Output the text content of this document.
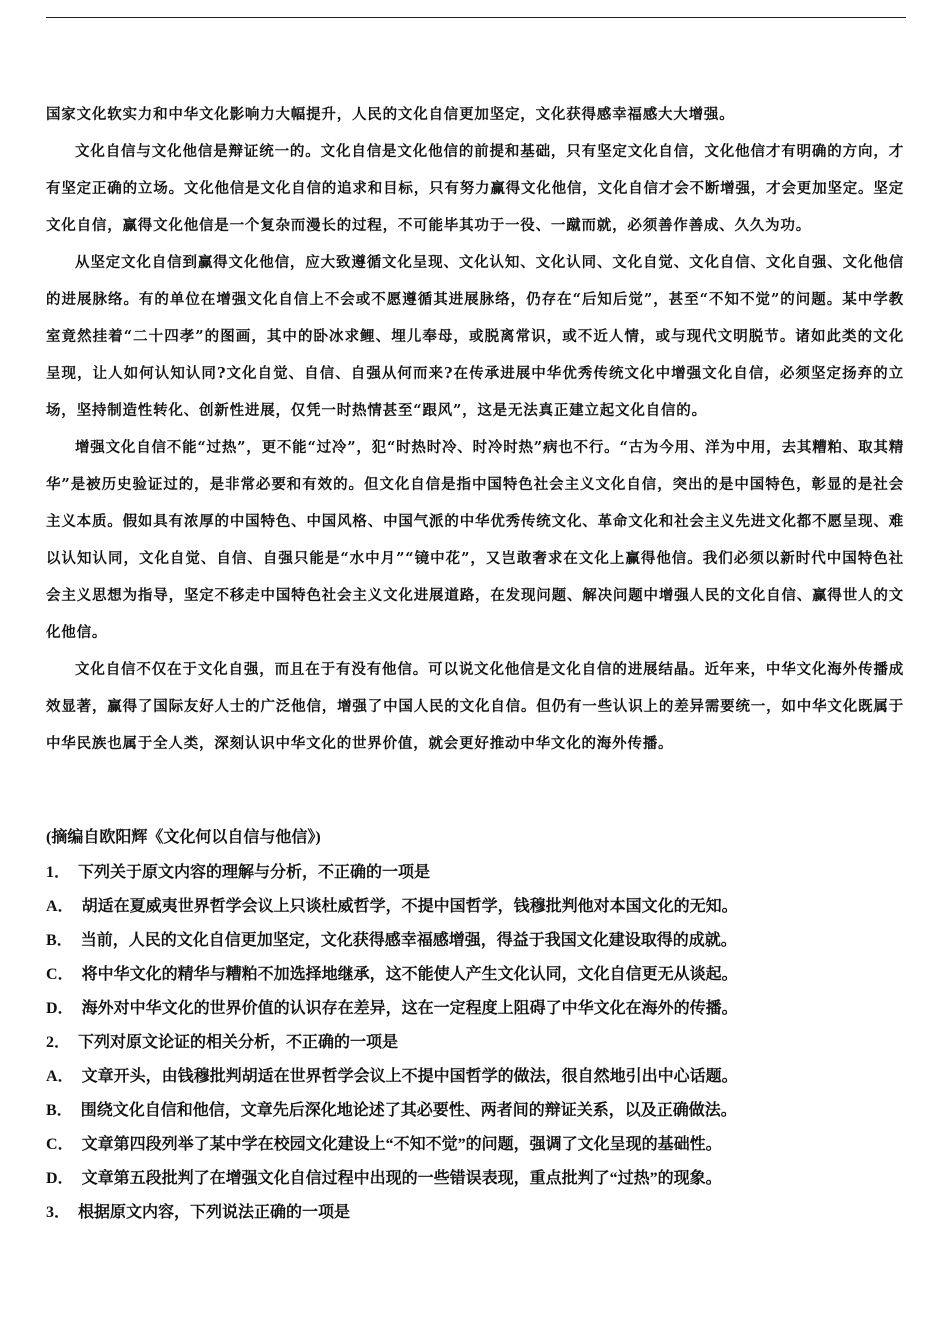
国家文化软实力和中华文化影响力大幅提升，人民的文化自信更加坚定，文化获得感幸福感大大增强。

文化自信与文化他信是辩证统一的。文化自信是文化他信的前提和基础，只有坚定文化自信，文化他信才有明确的方向，才有坚定正确的立场。文化他信是文化自信的追求和目标，只有努力赢得文化他信，文化自信才会不断增强，才会更加坚定。坚定文化自信，赢得文化他信是一个复杂而漫长的过程，不可能毕其功于一役、一蹴而就，必须善作善成、久久为功。

从坚定文化自信到赢得文化他信，应大致遵循文化呈现、文化认知、文化认同、文化自觉、文化自信、文化自强、文化他信的进展脉络。有的单位在增强文化自信上不会或不愿遵循其进展脉络，仍存在“后知后觉”，甚至“不知不觉”的问题。某中学教室竟然挂着“二十四孝”的图画，其中的卧冰求鲤、埋儿奉母，或脱离常识，或不近人情，或与现代文明脱节。诸如此类的文化呈现，让人如何认知认同?文化自觉、自信、自强从何而来?在传承进展中华优秀传统文化中增强文化自信，必须坚定扬弃的立场，坚持制造性转化、创新性进展，仅凭一时热情甚至“跟风”，这是无法真正建立起文化自信的。

增强文化自信不能“过热”，更不能“过冷”，犯“时热时冷、时冷时热”病也不行。“古为今用、洋为中用，去其糟粕、取其精华”是被历史验证过的，是非常必要和有效的。但文化自信是指中国特色社会主义文化自信，突出的是中国特色，彰显的是社会主义本质。假如具有浓厚的中国特色、中国风格、中国气派的中华优秀传统文化、革命文化和社会主义先进文化都不愿呈现、难以认知认同，文化自觉、自信、自强只能是“水中月”“镜中花”，又岂敢奢求在文化上赢得他信。我们必须以新时代中国特色社会主义思想为指导，坚定不移走中国特色社会主义文化进展道路，在发现问题、解决问题中增强人民的文化自信、赢得世人的文化他信。

文化自信不仅在于文化自强，而且在于有没有他信。可以说文化他信是文化自信的进展结晶。近年来，中华文化海外传播成效显著，赢得了国际友好人士的广泛他信，增强了中国人民的文化自信。但仍有一些认识上的差异需要统一，如中华文化既属于中华民族也属于全人类，深刻认识中华文化的世界价值，就会更好推动中华文化的海外传播。

(摘编自欧阳辉《文化何以自信与他信》)
1． 下列关于原文内容的理解与分析，不正确的一项是
A． 胡适在夏威夷世界哲学会议上只谈杜威哲学，不提中国哲学，钱穆批判他对本国文化的无知。
B． 当前，人民的文化自信更加坚定，文化获得感幸福感增强，得益于我国文化建设取得的成就。
C． 将中华文化的精华与糟粕不加选择地继承，这不能使人产生文化认同，文化自信更无从谈起。
D． 海外对中华文化的世界价值的认识存在差异，这在一定程度上阻碍了中华文化在海外的传播。
2． 下列对原文论证的相关分析，不正确的一项是
A． 文章开头，由钱穆批判胡适在世界哲学会议上不提中国哲学的做法，很自然地引出中心话题。
B． 围绕文化自信和他信，文章先后深化地论述了其必要性、两者间的辩证关系，以及正确做法。
C． 文章第四段列举了某中学在校园文化建设上“不知不觉”的问题，强调了文化呈现的基础性。
D． 文章第五段批判了在增强文化自信过程中出现的一些错误表现，重点批判了“过热”的现象。
3． 根据原文内容，下列说法正确的一项是
